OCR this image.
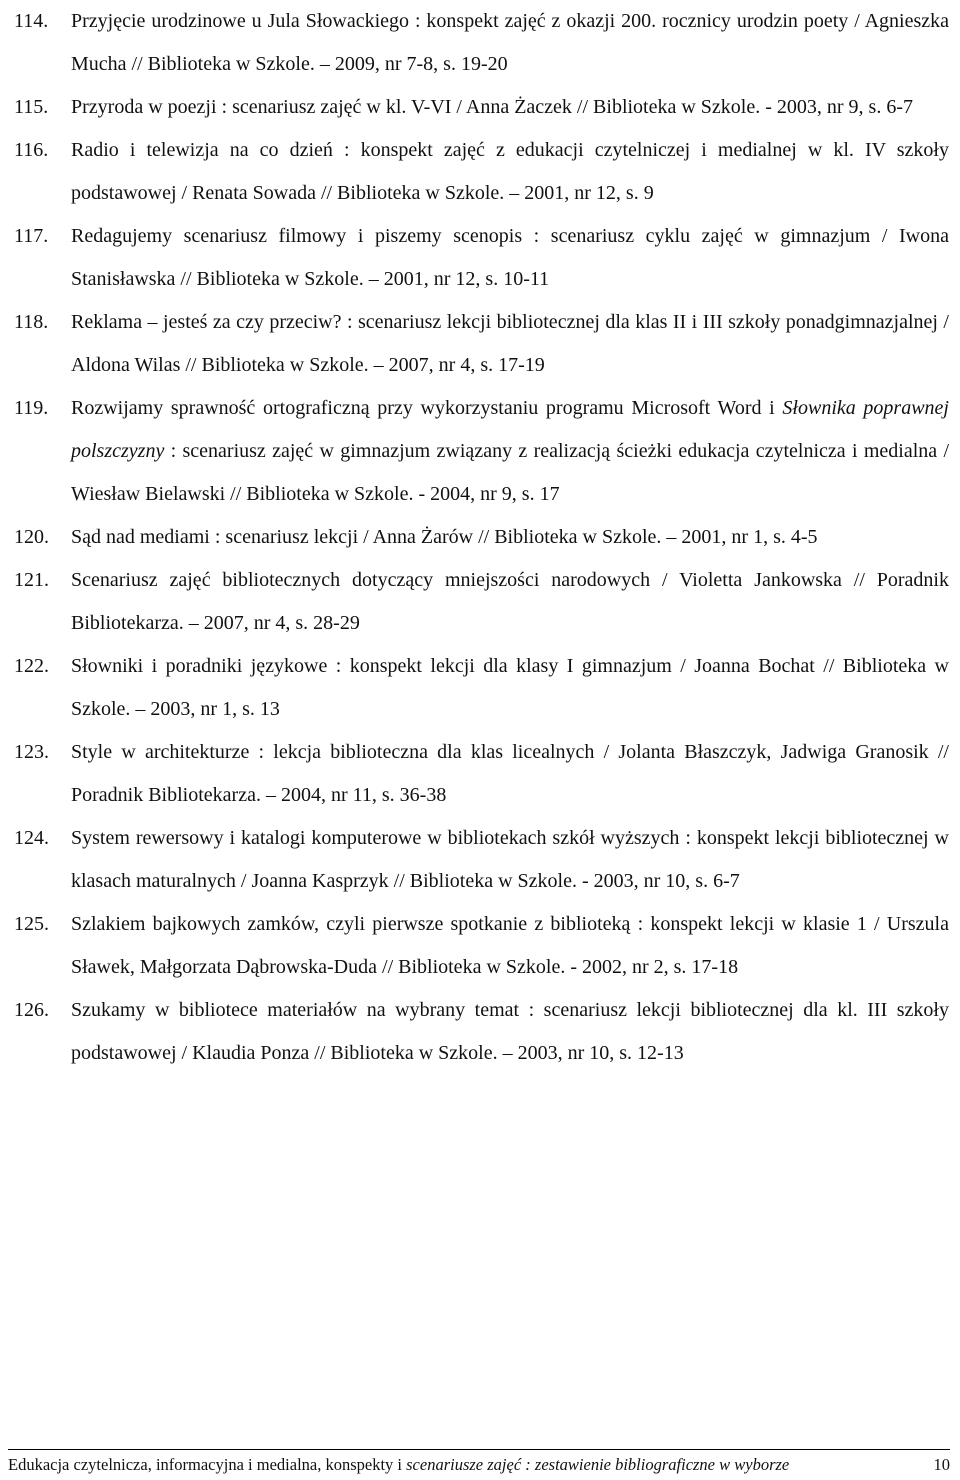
114. Przyjęcie urodzinowe u Jula Słowackiego : konspekt zajęć z okazji 200. rocznicy urodzin poety / Agnieszka Mucha // Biblioteka w Szkole. – 2009, nr 7-8, s. 19-20
115. Przyroda w poezji : scenariusz zajęć w kl. V-VI / Anna Żaczek // Biblioteka w Szkole. - 2003, nr 9, s. 6-7
116. Radio i telewizja na co dzień : konspekt zajęć z edukacji czytelniczej i medialnej w kl. IV szkoły podstawowej / Renata Sowada // Biblioteka w Szkole. – 2001, nr 12, s. 9
117. Redagujemy scenariusz filmowy i piszemy scenopis : scenariusz cyklu zajęć w gimnazjum / Iwona Stanisławska // Biblioteka w Szkole. – 2001, nr 12, s. 10-11
118. Reklama – jesteś za czy przeciw? : scenariusz lekcji bibliotecznej dla klas II i III szkoły ponadgimnazjalnej / Aldona Wilas // Biblioteka w Szkole. – 2007, nr 4, s. 17-19
119. Rozwijamy sprawność ortograficzną przy wykorzystaniu programu Microsoft Word i Słownika poprawnej polszczyzny : scenariusz zajęć w gimnazjum związany z realizacją ścieżki edukacja czytelnicza i medialna / Wiesław Bielawski // Biblioteka w Szkole. - 2004, nr 9, s. 17
120. Sąd nad mediami : scenariusz lekcji / Anna Żarów // Biblioteka w Szkole. – 2001, nr 1, s. 4-5
121. Scenariusz zajęć bibliotecznych dotyczący mniejszości narodowych / Violetta Jankowska // Poradnik Bibliotekarza. – 2007, nr 4, s. 28-29
122. Słowniki i poradniki językowe : konspekt lekcji dla klasy I gimnazjum / Joanna Bochat // Biblioteka w Szkole. – 2003, nr 1, s. 13
123. Style w architekturze : lekcja biblioteczna dla klas licealnych / Jolanta Błaszczyk, Jadwiga Granosik // Poradnik Bibliotekarza. – 2004, nr 11, s. 36-38
124. System rewersowy i katalogi komputerowe w bibliotekach szkół wyższych : konspekt lekcji bibliotecznej w klasach maturalnych / Joanna Kasprzyk // Biblioteka w Szkole. - 2003, nr 10, s. 6-7
125. Szlakiem bajkowych zamków, czyli pierwsze spotkanie z biblioteką : konspekt lekcji w klasie 1 / Urszula Sławek, Małgorzata Dąbrowska-Duda // Biblioteka w Szkole. - 2002, nr 2, s. 17-18
126. Szukamy w bibliotece materiałów na wybrany temat : scenariusz lekcji bibliotecznej dla kl. III szkoły podstawowej / Klaudia Ponza // Biblioteka w Szkole. – 2003, nr 10, s. 12-13
Edukacja czytelnicza, informacyjna i medialna, konspekty i scenariusze zajęć : zestawienie bibliograficzne w wyborze	10
